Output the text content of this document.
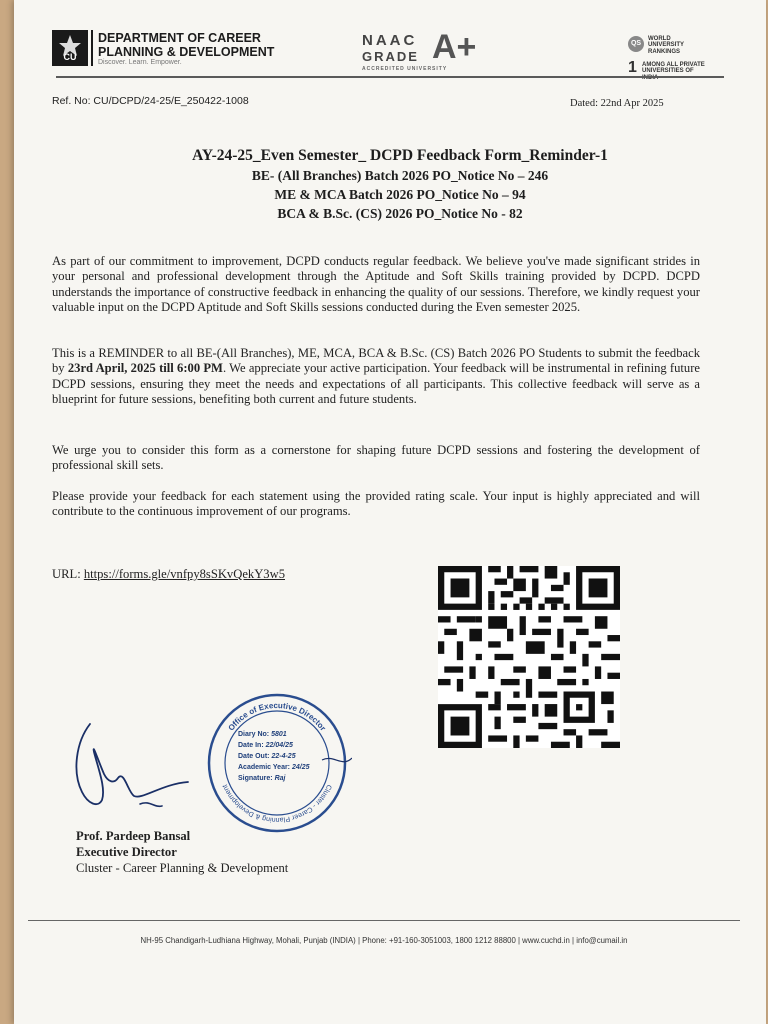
CU
DEPARTMENT OF CAREER
PLANNING & DEVELOPMENT
Discover. Learn. Empower.
NAAC
GRADE A+
ACCREDITED UNIVERSITY
QS
WORLD UNIVERSITY RANKINGS
1 AMONG ALL PRIVATE UNIVERSITIES OF INDIA
Ref. No: CU/DCPD/24-25/E_250422-1008	Dated: 22nd Apr 2025
AY-24-25_Even Semester_ DCPD Feedback Form_Reminder-1
BE- (All Branches) Batch 2026 PO_Notice No – 246
ME & MCA Batch 2026 PO_Notice No – 94
BCA & B.Sc. (CS) 2026 PO_Notice No - 82
As part of our commitment to improvement, DCPD conducts regular feedback. We believe you've made significant strides in your personal and professional development through the Aptitude and Soft Skills training provided by DCPD. DCPD understands the importance of constructive feedback in enhancing the quality of our sessions. Therefore, we kindly request your valuable input on the DCPD Aptitude and Soft Skills sessions conducted during the Even semester 2025.
This is a REMINDER to all BE-(All Branches), ME, MCA, BCA & B.Sc. (CS) Batch 2026 PO Students to submit the feedback by 23rd April, 2025 till 6:00 PM. We appreciate your active participation. Your feedback will be instrumental in refining future DCPD sessions, ensuring they meet the needs and expectations of all participants. This collective feedback will serve as a blueprint for future sessions, benefiting both current and future students.
We urge you to consider this form as a cornerstone for shaping future DCPD sessions and fostering the development of professional skill sets.
Please provide your feedback for each statement using the provided rating scale. Your input is highly appreciated and will contribute to the continuous improvement of our programs.
URL: https://forms.gle/vnfpy8sSKvQekY3w5
Office of Executive Director
Cluster - Career Planning & Development
Diary No: 5801
Date In: 22/04/25
Date Out: 22-4-25
Academic Year: 24/25
Signature: Raj
Prof. Pardeep Bansal
Executive Director
Cluster - Career Planning & Development
NH-95 Chandigarh-Ludhiana Highway, Mohali, Punjab (INDIA) | Phone: +91-160-3051003, 1800 1212 88800 | www.cuchd.in | info@cumail.in
